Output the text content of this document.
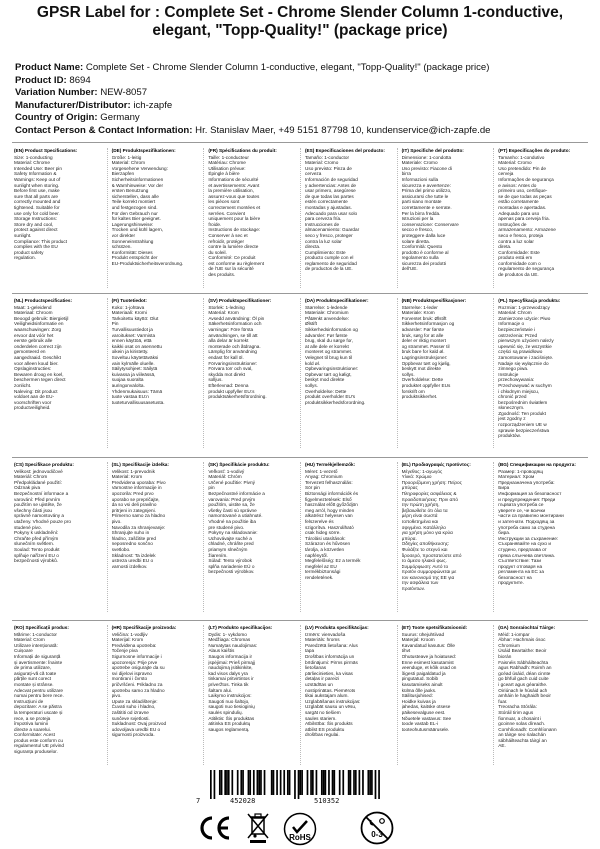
GPSR Label for : Complete Set - Chrome Slender Column 1-conductive, elegant, "Topp-Quality!" (package price)
Product Name: Complete Set - Chrome Slender Column 1-conductive, elegant, "Topp-Quality!" (package price)
Product ID: 8694
Variation Number: NEW-8057
Manufacturer/Distributor: ich-zapfe
Country of Origin: Germany
Contact Person & Contact Information: Hr. Stanislav Maer, +49 5151 87798 10, kundenservice@ich-zapfe.de
(EN) Product Specifications:
Size: 1-conducting
Material: Chrome
Intended Use: Beer pin
Safety Information &
Warnings: Keep out of
sunlight when storing.
Before first use, make
sure that all parts are
correctly mounted and
tightened. Suitable for
use only for cold beer.
Storage Instructions:
Store dry and cool,
protect against direct
sunlight.
Compliance: This product
complies with the EU
product safety
regulation.
(DE) Produktspezifikationen:
Größe: 1-leitig
Material: Chrom
Vorgesehene Verwendung:
Bierzapfen
Sicherheitsinformationen
& Warnhinweise: Vor der
ersten Benutzung
sicherstellen, dass alle
Teile korrekt montiert
und festgezogen sind.
Für den Gebrauch nur
für kaltes Bier geeignet.
Lagerungshinweise:
Trocken und kühl lagern,
vor direkter
Sonneneinstrahlung
schützen.
Konformität: Dieses
Produkt entspricht der
EU-Produktsicherheitsverordnung.
(FR) Spécifications du produit:
Taille: 1-conducteur
Matériau: Chrome
Utilisation prévue:
Épingle à bière
Informations de sécurité
et avertissements: Avant
la première utilisation,
assurez-vous que toutes
les pièces sont
correctement montées et
serrées. Convient
uniquement pour la bière
froide.
Instructions de stockage:
Conserver à sec et
refroidir, protéger
contre la lumière directe
du soleil.
Conformité: Ce produit
est conforme au règlement
de l'UE sur la sécurité
des produits.
(ES) Especificaciones del producto:
Tamaño: 1-conductor
Material: Cromo
Uso previsto: Pinza de
cerveza
Información de seguridad
y advertencias: Antes de
usar primero, asegúrese
de que todas las partes
estén correctamente
montadas y ajustadas.
Adecuado para usar solo
para cerveza fría.
Instrucciones de
almacenamiento: Guardar
seco y fresco, proteger
contra la luz solar
directa.
Cumplimiento: Este
producto cumple con el
reglamento de seguridad
de productos de la UE.
(IT) Specifiche del prodotto:
Dimensione: 1-condotta
Materiale: Cromo
Uso previsto: Fiacone di
birra
Informazioni sulla
sicurezza e avvertenze:
Prima del primo utilizzo,
assicurarsi che tutte le
parti siano montate
correttamente e serrate.
Per la birra fredda.
Istruzioni per la
conservazione: Conservare
secco e fresco,
proteggere dalla luce
solare diretta.
Conformità: Questo
prodotto è conforme al
regolamento sulla
sicurezza dei prodotti
dell'UE.
(PT) Especificações do produto:
Tamanho: 1-condutivo
Material: Cromo
Uso pretendido: Pin de
cerveja
Informações de segurança
e avisos: Antes do
primeiro uso, certifique-
se de que todas as peças
estão corretamente
montadas e apertadas.
Adequado para uso
apenas para cerveja fria.
Instruções de
armazenamento: Armazene
seco e fresco, proteja
contra a luz solar
direta.
Conformidade: Este
produto está em
conformidade com o
regulamento de segurança
de produtos da UE.
(NL) Productspecificaties:
Maat: 1-geleidend
Materiaal: Chroom
Beoogd gebruik: Biergietijl
Veiligheidsinformatie en
waarschuwingen: Zorg
ervoor dat vóór het
eerste gebruik alle
onderdelen correct zijn
gemonteerd en
aangedraaid. Geschikt
voor alleen koud bier.
Opslaginstructies:
Bewaren droog en koel,
beschermen tegen direct
zonlicht.
Naleving: Dit product
voldoet aan de EU-
voorschriften voor
productveiligheid.
(FI) Tuotetiedot:
Koko: 1-johtava
Materiaali: Kromi
Tarkoitettu käyttö: Olut
Pin
Turvallisuustiedot ja
varoitukset: Varmista
ennen käyttöä, että
kaikki osat on asennettu
oikein ja kiristetty.
Soveltuu käytettäväksi
vain kylmälle oluelle.
Säilytysohjeet: Säilytä
kuivassa ja viileässä,
suojaa suoralta
auringonvalolta.
Yhdenmukaisuus: Tämä
tuote vastaa EU:n
tuoteturvallisuusasetusta.
(SV) Produktspecifikationer:
Storlek: 1-ledning
Material: Krom
Avsedd användning: Öl pin
Säkerhetsinformation och
varningar: Före första
användningen, se till att
alla delar är korrekt
monterade och åtdragna.
Lämplig för användning
endast för kall öl.
Förvaringsinstruktioner:
Förvara torr och sval,
skydda mot direkt
solljus.
Efterlevnad: Denna
produkt uppfyller EU:s
produktsäkerhetsförordning.
(DA) Produktspecifikationer:
Størrelse: 1-ledende
Materiale: Chromium
Påtænkt anvendelse:
Ølstift
Sikkerhedsinformation og
advarsler: Før første
brug, skal du sørge for,
at alle dele er korrekt
monteret og strammet.
Velegnet til brug kun til
kold øl.
Opbevaringsinstruktioner:
Opbevar tørt og køligt,
beskyt mod direkte
sollys.
Overholdelse: Dette
produkt overholder EU's
produktsikkerhedsforordning.
(NB) Produktspesifikasjoner:
Størrelse: 1-leder
Materiale: Krom
Forventet bruk: Ølstift
Sikkerhetsinformasjon og
advarsler: Før første
bruk, sørg for at alle
deler er riktig montert
og strammet. Passer til
bruk bare for kald øl.
Lagringsinstruksjoner:
Oppbevar tørt og kjølig,
beskytt mot direkte
sollys.
Overholdelse: Dette
produktet oppfyller EUs
forskrift om
produktsikkerhet.
(PL) Specyfikacja produktu:
Rozmiar: 1-przewodzący
Materiał: Chrom
Zamierzone użycie: Piwo
Informacje o
bezpieczeństwie i
ostrzeżenia: Przed
pierwszym użyciem należy
upewnić się, że wszystkie
części są prawidłowo
zamontowane i zaciśnięte.
Nadaje się wyłącznie do
zimnego piwa.
Instrukcje
przechowywania:
Przechowywać w suchym
i chłodnym miejscu,
chronić przed
bezpośrednim światłem
słonecznym.
Zgodność: Ten produkt
jest zgodny z
rozporządzeniem UE w
sprawie bezpieczeństwa
produktów.
(CS) Specifikace produktu:
Velikost: jednovodičové
Materiál: Chrom
Předpokládané použití:
Odznak piva
Bezpečnostní informace a
varování: Před prvním
použitím se ujistěte, že
všechny části jsou
správně namontovány a
utaženy. Vhodné pouze pro
studené pivo.
Pokyny k uskladnění:
Chraňte před přímým
slunečním světlem.
Soulad: Tento produkt
splňuje nařízení EU o
bezpečnosti výrobků.
(SL) Specifikacije izdelka:
Velikost: 1-prevodnik
Material: Krom
Predvidena uporaba: Pivo
Varnostne informacije in
opozorila: Pred prvo
uporabo se prepričajte,
da so vsi deli pravilno
pritrjeni in zategnjeni.
Primerno samo za hladno
pivo.
Navodila za shranjevanje:
Shranjujte suho in
hladno, zaščitite pred
neposredno sončno
svetlobo.
Skladnost: Ta izdelek
ustreza uredbi EU o
varnosti izdelkov.
(SK) Špecifikácie produktu:
Veľkosť: 1-vodivý
Materiál: Chróm
Určené použitie: Pivný
pin
Bezpečnostné informácie a
varovania: Pred prvým
použitím, uistite sa, že
všetky časti sú správne
namontované a utiahnuté.
Vhodné na použitie iba
pre studené pivo.
Pokyny na skladovanie:
Uchovávajte suché a
chladné, chráňte pred
priamym slnečným
žiarením.
Súlad: Tento výrobok
spĺňa nariadenie EÚ o
bezpečnosti výrobkov.
(HU) Termékjellemzők:
Méret: 1-vezető
Anyag: Chromium
Tervezett felhasználás:
Sör pin
Biztonsági információk és
figyelmeztetések: Első
használat előtt győződjön
meg arról, hogy minden
alkatrész helyesen van
felszerelve és
szigorítva. Használható
csak hideg sörre.
Tárolási utasítások:
Szárazon és hűvösen
tárolja, a közvetlen
napfénytől.
Megfelelőség: Ez a termék
megfelel az EU
termékbiztonsági
rendeletének.
(EL) Προδιαγραφές προϊόντος:
Μέγεθος: 1-αγωγός
Υλικό: Χρώμιο
Προοριζόμενη χρήση: Πείρος
μπύρας
Πληροφορίες ασφάλειας &
προειδοποιήσεις: Πριν από
την πρώτη χρήση,
βεβαιωθείτε ότι όλα τα
μέρη είναι σωστά
τοποθετημένα και
σφιγμένα. Κατάλληλο
για χρήση μόνο για κρύα
μπύρα.
Οδηγίες αποθήκευσης:
Φυλάξτε το στεγνό και
δροσερό, προστατεύστε από
το άμεσο ηλιακό φως.
Συμμόρφωση: Αυτό το
προϊόν συμμορφώνεται με
τον κανονισμό της ΕΕ για
την ασφάλεια των
προϊόντων.
(BG) Спецификации на продукта:
Размер: 1-проводящ
Материал: Хром
Предназначена употреба:
Бира
Информация за безопасност
и предупреждения: Преди
първата употреба се
уверете се, че всички
части са правилно монтирани
и затегнати. Подходящ за
употреба само за студена
бира.
Инструкции за съхранение:
Съхранявайте на сухо и
студено, предпазва от
пряка слънчева светлина.
Съответствие: Тази
продукт отговаря на
регламента на ЕС за
безопасност на
продуктите.
(RO) Specificații produs:
Mărime: 1-conductor
Material: Crom
Utilizare intenționată:
Cuișoare
Informații de siguranță
și avertismente: Înainte
de prima utilizare,
asigurați-vă că toate
părțile sunt corect
montate și strânse.
Adecvat pentru utilizare
numai pentru bere rece.
Instrucțiuni de
depozitare: A se păstra
la temperaturi uscate și
rece, a se proteja
împotriva luminii
directe a soarelui.
Conformitate: Acest
produs este conform cu
regulamentul UE privind
siguranța produselor.
(HR) Specifikacije proizvoda:
Veličina: 1-vodljiv
Materijal: Krom
Predviđena upotreba:
Točenje piva
Sigurnosne informacije i
upozorenja: Prije prve
upotrebe osigurajte da su
svi dijelovi ispravno
montirani i čvrsto
pričvršćeni. Prikladno za
upotrebu samo za hladno
pivo.
Upute za skladištenje:
Čuvati suho i hladno,
zaštititi od izravne
sunčeve svjetlosti.
Sukladnost: Ovaj proizvod
udovoljava uredbi EU o
sigurnosti proizvoda.
(LT) Produkto specifikacijos:
Dydis: 1- vykdomo
Medžiaga: Chromas
Numatytas naudojimas:
Alaus kaištis
Saugos informacija ir
įspėjimai: Prieš pirmąjį
naudojimą įsitikinkite,
kad visos dalys yra
tinkamai pritvirtintos ir
priveržtos. Tinka tik
šaltam alui.
Laikymo instrukcijos:
Saugoti nuo šaltojo,
saugoti nuo tiesioginių
saulės spindulių.
Atitiktis: Šis produktas
atitinka ES produktų
saugos reglamentą.
(LV) Produkta specifikācijas:
Izmērs: vienvadoša
Materiāls: hroms
Paredzētā lietošana: Alus
tapa
Drošības informācija un
brīdinājumi: Pirms pirmās
lietošanas
pārliecinieties, ka visas
detaļas ir pareizi
uzstādītas un
nostiprinātas. Piemērots
tikai aukstajam alum.
Uzglabāšanas instrukcijas:
Uzglabāt sausu un vēsu,
sargāt no tiešiem
saules stariem.
Atbilstība: Šis produkts
atbilst ES produktu
drošības regulai.
(ET) Toote spetsifikatsioonid:
Suurus: ühejuhtiivad
Materjal: Kroom
Kavandatud kasutus: Õlle
tihvt
Ohutusteave ja hoiatused:
Enne esimest kasutamist
veenduge, et kõik osad on
õigesti paigaldatud ja
pingutatud. Sobib
kasutamiseks ainult
külma õlle jaoks.
Säilitusjuhised:
Hoidke kuivas ja
jahedas, kaitske otsese
päikesevalguse eest.
Nõuetele vastavus: See
toode vastab EL-i
tooteohutusmäärusele.
(GA) Sonraíochtaí Táirge:
Méid: 1-iompar
Ábhar: Hachmais ósoc
Chromium
Úsáid Beartaithe: Beoir
biorán
Faisnéis Sábháilteachta
agus Rabhadh: Roimh an
gcéad úsáid, déan cinnte
go bhfuil gach cuid cuite
i gceart agus géaraithe.
Oiriúnach le húsáid ach
amháin le haghaidh beoir
fuar.
Treoracha Stórála:
Stóráil tirim agus
fionnuar, a chosaint i
gcoinne solas díreach.
Comhlíonadh: Comhlíonann
an táirge seo rialachán
sábháilteachta táirgí an
AE.
7	452028	510352
RoHS	0-3
